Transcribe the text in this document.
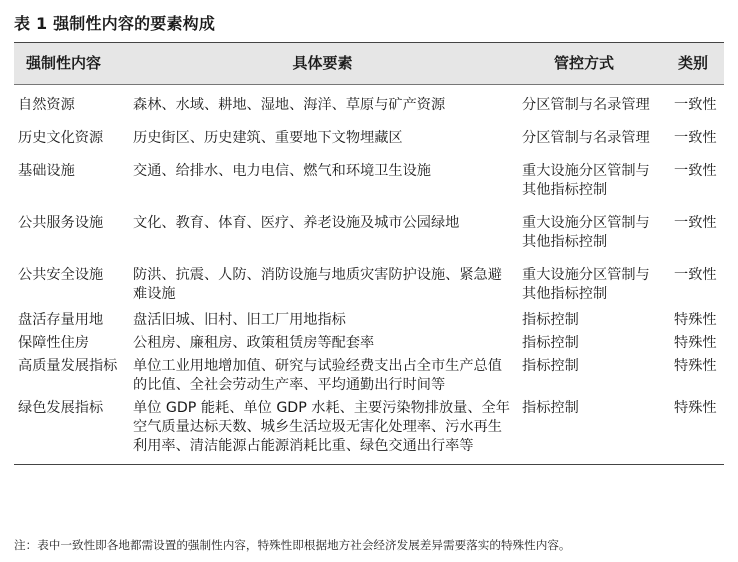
表 1 强制性内容的要素构成
强制性内容	具体要素	管控方式	类别
自然资源	森林、水域、耕地、湿地、海洋、草原与矿产资源	分区管制与名录管理	一致性
历史文化资源	历史街区、历史建筑、重要地下文物埋藏区	分区管制与名录管理	一致性
基础设施	交通、给排水、电力电信、燃气和环境卫生设施	重大设施分区管制与其他指标控制	一致性
公共服务设施	文化、教育、体育、医疗、养老设施及城市公园绿地	重大设施分区管制与其他指标控制	一致性
公共安全设施	防洪、抗震、人防、消防设施与地质灾害防护设施、紧急避难设施	重大设施分区管制与其他指标控制	一致性
盘活存量用地	盘活旧城、旧村、旧工厂用地指标	指标控制	特殊性
保障性住房	公租房、廉租房、政策租赁房等配套率	指标控制	特殊性
高质量发展指标	单位工业用地增加值、研究与试验经费支出占全市生产总值的比值、全社会劳动生产率、平均通勤出行时间等	指标控制	特殊性
绿色发展指标	单位 GDP 能耗、单位 GDP 水耗、主要污染物排放量、全年空气质量达标天数、城乡生活垃圾无害化处理率、污水再生利用率、清洁能源占能源消耗比重、绿色交通出行率等	指标控制	特殊性
注：表中一致性即各地都需设置的强制性内容，特殊性即根据地方社会经济发展差异需要落实的特殊性内容。
